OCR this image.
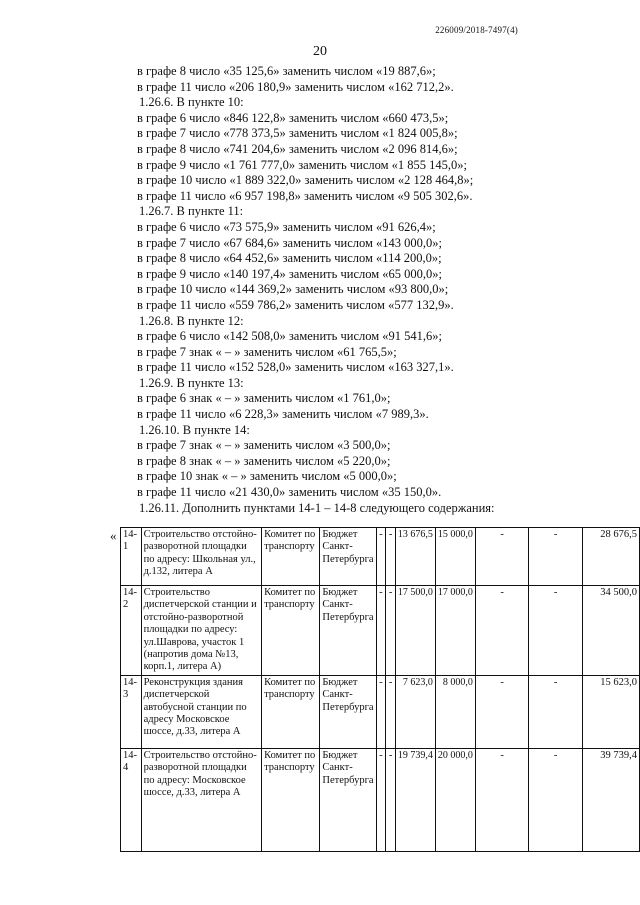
226009/2018-7497(4)
20
в графе 8 число «35 125,6» заменить числом «19 887,6»;
в графе 11 число «206 180,9» заменить числом «162 712,2».
1.26.6. В пункте 10:
в графе 6 число «846 122,8» заменить числом «660 473,5»;
в графе 7 число «778 373,5» заменить числом «1 824 005,8»;
в графе 8 число «741 204,6» заменить числом «2 096 814,6»;
в графе 9 число «1 761 777,0» заменить числом «1 855 145,0»;
в графе 10 число «1 889 322,0» заменить числом «2 128 464,8»;
в графе 11 число «6 957 198,8» заменить числом «9 505 302,6».
1.26.7. В пункте 11:
в графе 6 число «73 575,9» заменить числом «91 626,4»;
в графе 7 число «67 684,6» заменить числом «143 000,0»;
в графе 8 число «64 452,6» заменить числом «114 200,0»;
в графе 9 число «140 197,4» заменить числом «65 000,0»;
в графе 10 число «144 369,2» заменить числом «93 800,0»;
в графе 11 число «559 786,2» заменить числом «577 132,9».
1.26.8. В пункте 12:
в графе 6 число «142 508,0» заменить числом «91 541,6»;
в графе 7 знак « – » заменить числом «61 765,5»;
в графе 11 число «152 528,0» заменить числом «163 327,1».
1.26.9. В пункте 13:
в графе 6 знак « – » заменить числом «1 761,0»;
в графе 11 число «6 228,3» заменить числом «7 989,3».
1.26.10. В пункте 14:
в графе 7 знак « – » заменить числом «3 500,0»;
в графе 8 знак « – » заменить числом «5 220,0»;
в графе 10 знак « – » заменить числом «5 000,0»;
в графе 11 число «21 430,0» заменить числом «35 150,0».
1.26.11. Дополнить пунктами 14-1 – 14-8 следующего содержания:
« 14-1	Строительство отстойно-разворотной площадки по адресу: Школьная ул., д.132, литера А	Комитет по транспорту	Бюджет Санкт-Петербурга	-	-	13 676,5	15 000,0	-	-	28 676,5
14-2	Строительство диспетчерской станции и отстойно-разворотной площадки по адресу: ул.Шаврова, участок 1 (напротив дома №13, корп.1, литера А)	Комитет по транспорту	Бюджет Санкт-Петербурга	-	-	17 500,0	17 000,0	-	-	34 500,0
14-3	Реконструкция здания диспетчерской автобусной станции по адресу Московское шоссе, д.33, литера А	Комитет по транспорту	Бюджет Санкт-Петербурга	-	-	7 623,0	8 000,0	-	-	15 623,0
14-4	Строительство отстойно-разворотной площадки по адресу: Московское шоссе, д.33, литера А	Комитет по транспорту	Бюджет Санкт-Петербурга	-	-	19 739,4	20 000,0	-	-	39 739,4
